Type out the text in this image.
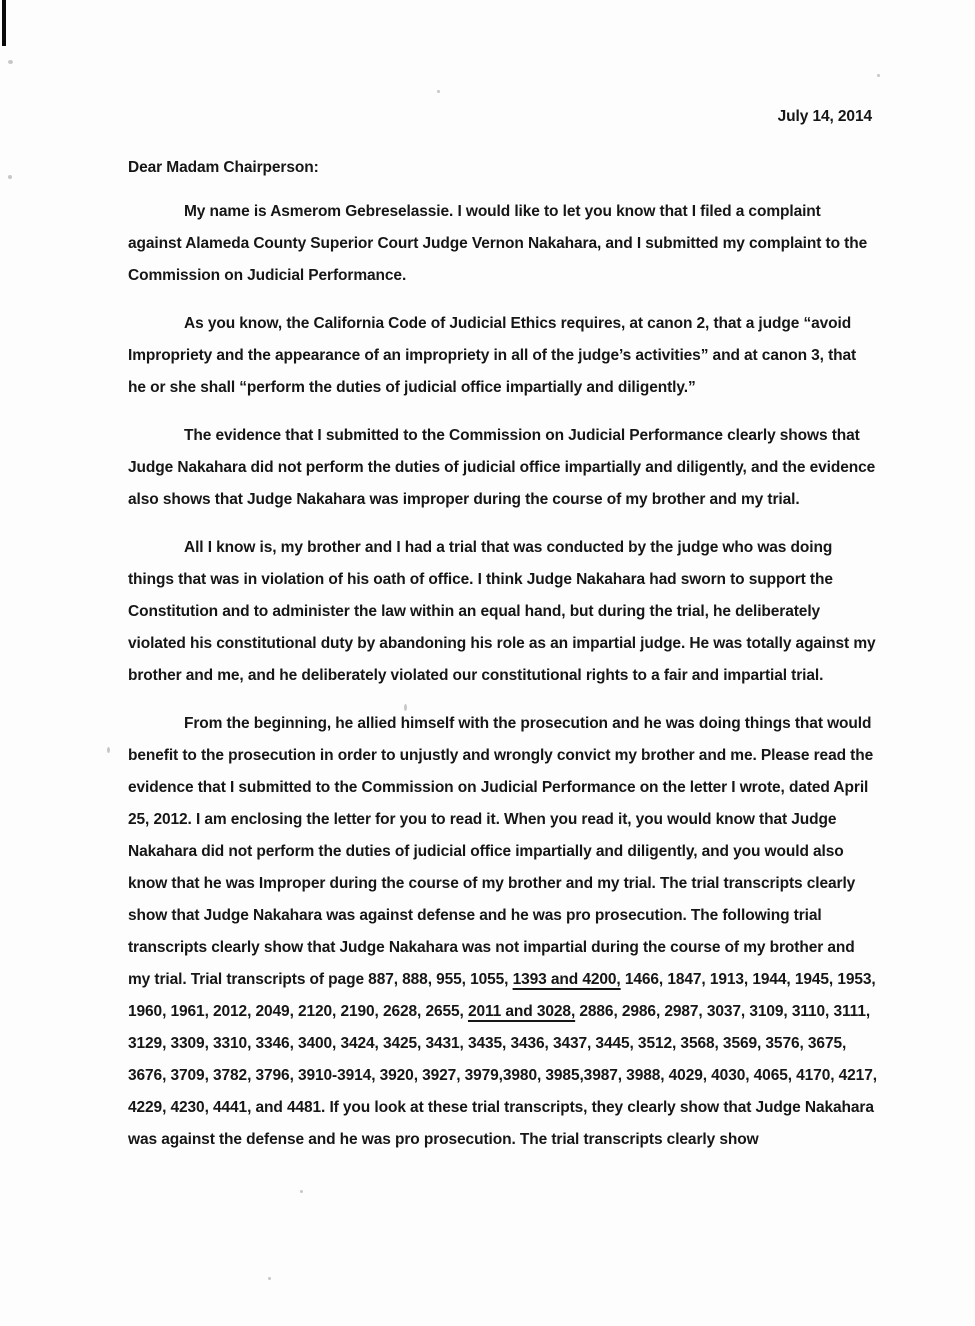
July 14, 2014
Dear Madam Chairperson:

My name is Asmerom Gebreselassie. I would like to let you know that I filed a complaint against Alameda County Superior Court Judge Vernon Nakahara, and I submitted my complaint to the Commission on Judicial Performance.

As you know, the California Code of Judicial Ethics requires, at canon 2, that a judge “avoid Impropriety and the appearance of an impropriety in all of the judge’s activities” and at canon 3, that he or she shall “perform the duties of judicial office impartially and diligently.”

The evidence that I submitted to the Commission on Judicial Performance clearly shows that Judge Nakahara did not perform the duties of judicial office impartially and diligently, and the evidence also shows that Judge Nakahara was improper during the course of my brother and my trial.

All I know is, my brother and I had a trial that was conducted by the judge who was doing things that was in violation of his oath of office. I think Judge Nakahara had sworn to support the Constitution and to administer the law within an equal hand, but during the trial, he deliberately violated his constitutional duty by abandoning his role as an impartial judge. He was totally against my brother and me, and he deliberately violated our constitutional rights to a fair and impartial trial.

From the beginning, he allied himself with the prosecution and he was doing things that would benefit to the prosecution in order to unjustly and wrongly convict my brother and me. Please read the evidence that I submitted to the Commission on Judicial Performance on the letter I wrote, dated April 25, 2012. I am enclosing the letter for you to read it. When you read it, you would know that Judge Nakahara did not perform the duties of judicial office impartially and diligently, and you would also know that he was Improper during the course of my brother and my trial. The trial transcripts clearly show that Judge Nakahara was against defense and he was pro prosecution. The following trial transcripts clearly show that Judge Nakahara was not impartial during the course of my brother and my trial. Trial transcripts of page 887, 888, 955, 1055, 1393 and 4200, 1466, 1847, 1913, 1944, 1945, 1953, 1960, 1961, 2012, 2049, 2120, 2190, 2628, 2655, 2011 and 3028, 2886, 2986, 2987, 3037, 3109, 3110, 3111, 3129, 3309, 3310, 3346, 3400, 3424, 3425, 3431, 3435, 3436, 3437, 3445, 3512, 3568, 3569, 3576, 3675, 3676, 3709, 3782, 3796, 3910-3914, 3920, 3927, 3979,3980, 3985,3987, 3988, 4029, 4030, 4065, 4170, 4217, 4229, 4230, 4441, and 4481. If you look at these trial transcripts, they clearly show that Judge Nakahara was against the defense and he was pro prosecution. The trial transcripts clearly show
